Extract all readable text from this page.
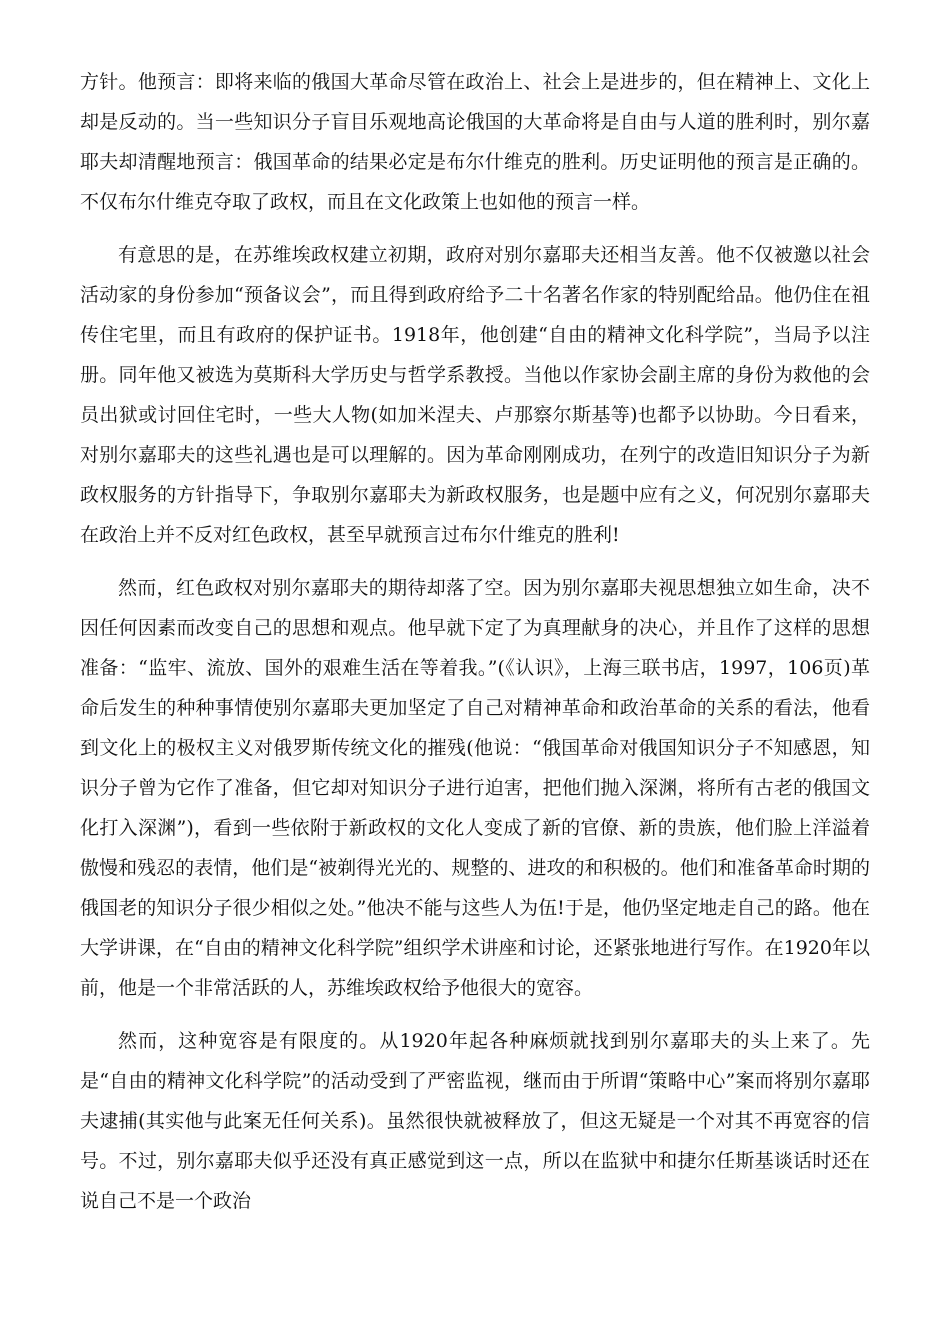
方针。他预言：即将来临的俄国大革命尽管在政治上、社会上是进步的，但在精神上、文化上却是反动的。当一些知识分子盲目乐观地高论俄国的大革命将是自由与人道的胜利时，别尔嘉耶夫却清醒地预言：俄国革命的结果必定是布尔什维克的胜利。历史证明他的预言是正确的。不仅布尔什维克夺取了政权，而且在文化政策上也如他的预言一样。

有意思的是，在苏维埃政权建立初期，政府对别尔嘉耶夫还相当友善。他不仅被邀以社会活动家的身份参加“预备议会”，而且得到政府给予二十名著名作家的特别配给品。他仍住在祖传住宅里，而且有政府的保护证书。1918年，他创建“自由的精神文化科学院”，当局予以注册。同年他又被选为莫斯科大学历史与哲学系教授。当他以作家协会副主席的身份为救他的会员出狱或讨回住宅时，一些大人物(如加米涅夫、卢那察尔斯基等)也都予以协助。今日看来，对别尔嘉耶夫的这些礼遇也是可以理解的。因为革命刚刚成功，在列宁的改造旧知识分子为新政权服务的方针指导下，争取别尔嘉耶夫为新政权服务，也是题中应有之义，何况别尔嘉耶夫在政治上并不反对红色政权，甚至早就预言过布尔什维克的胜利!

然而，红色政权对别尔嘉耶夫的期待却落了空。因为别尔嘉耶夫视思想独立如生命，决不因任何因素而改变自己的思想和观点。他早就下定了为真理献身的决心，并且作了这样的思想准备：“监牢、流放、国外的艰难生活在等着我。”(《认识》，上海三联书店，1997，106页)革命后发生的种种事情使别尔嘉耶夫更加坚定了自己对精神革命和政治革命的关系的看法，他看到文化上的极权主义对俄罗斯传统文化的摧残(他说：“俄国革命对俄国知识分子不知感恩，知识分子曾为它作了准备，但它却对知识分子进行迫害，把他们抛入深渊，将所有古老的俄国文化打入深渊”)，看到一些依附于新政权的文化人变成了新的官僚、新的贵族，他们脸上洋溢着傲慢和残忍的表情，他们是“被剃得光光的、规整的、进攻的和积极的。他们和准备革命时期的俄国老的知识分子很少相似之处。”他决不能与这些人为伍!于是，他仍坚定地走自己的路。他在大学讲课，在“自由的精神文化科学院”组织学术讲座和讨论，还紧张地进行写作。在1920年以前，他是一个非常活跃的人，苏维埃政权给予他很大的宽容。

然而，这种宽容是有限度的。从1920年起各种麻烦就找到别尔嘉耶夫的头上来了。先是“自由的精神文化科学院”的活动受到了严密监视，继而由于所谓“策略中心”案而将别尔嘉耶夫逮捕(其实他与此案无任何关系)。虽然很快就被释放了，但这无疑是一个对其不再宽容的信号。不过，别尔嘉耶夫似乎还没有真正感觉到这一点，所以在监狱中和捷尔任斯基谈话时还在说自己不是一个政治
